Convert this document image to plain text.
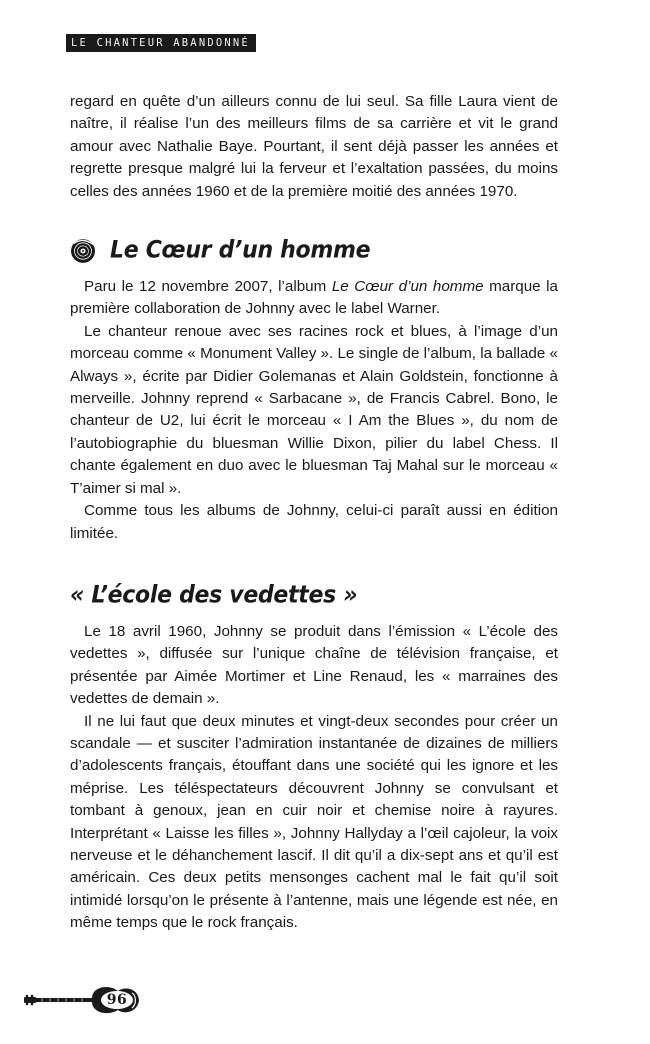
LE CHANTEUR ABANDONNÉ

regard en quête d’un ailleurs connu de lui seul. Sa fille Laura vient de naître, il réalise l’un des meilleurs films de sa carrière et vit le grand amour avec Nathalie Baye. Pourtant, il sent déjà passer les années et regrette presque malgré lui la ferveur et l’exaltation passées, du moins celles des années 1960 et de la première moitié des années 1970.

Le Cœur d’un homme

Paru le 12 novembre 2007, l’album Le Cœur d’un homme marque la première collaboration de Johnny avec le label Warner.

Le chanteur renoue avec ses racines rock et blues, à l’image d’un morceau comme « Monument Valley ». Le single de l’album, la ballade « Always », écrite par Didier Golemanas et Alain Goldstein, fonctionne à merveille. Johnny reprend « Sarbacane », de Francis Cabrel. Bono, le chanteur de U2, lui écrit le morceau « I Am the Blues », du nom de l’autobiographie du bluesman Willie Dixon, pilier du label Chess. Il chante également en duo avec le bluesman Taj Mahal sur le morceau « T’aimer si mal ».

Comme tous les albums de Johnny, celui-ci paraît aussi en édition limitée.

« L’école des vedettes »

Le 18 avril 1960, Johnny se produit dans l’émission « L’école des vedettes », diffusée sur l’unique chaîne de télévision française, et présentée par Aimée Mortimer et Line Renaud, les « marraines des vedettes de demain ».

Il ne lui faut que deux minutes et vingt-deux secondes pour créer un scandale — et susciter l’admiration instantanée de dizaines de milliers d’adolescents français, étouffant dans une société qui les ignore et les méprise. Les téléspectateurs découvrent Johnny se convulsant et tombant à genoux, jean en cuir noir et chemise noire à rayures. Interprétant « Laisse les filles », Johnny Hallyday a l’œil cajoleur, la voix nerveuse et le déhanchement lascif. Il dit qu’il a dix-sept ans et qu’il est américain. Ces deux petits mensonges cachent mal le fait qu’il soit intimidé lorsqu’on le présente à l’antenne, mais une légende est née, en même temps que le rock français.

96
